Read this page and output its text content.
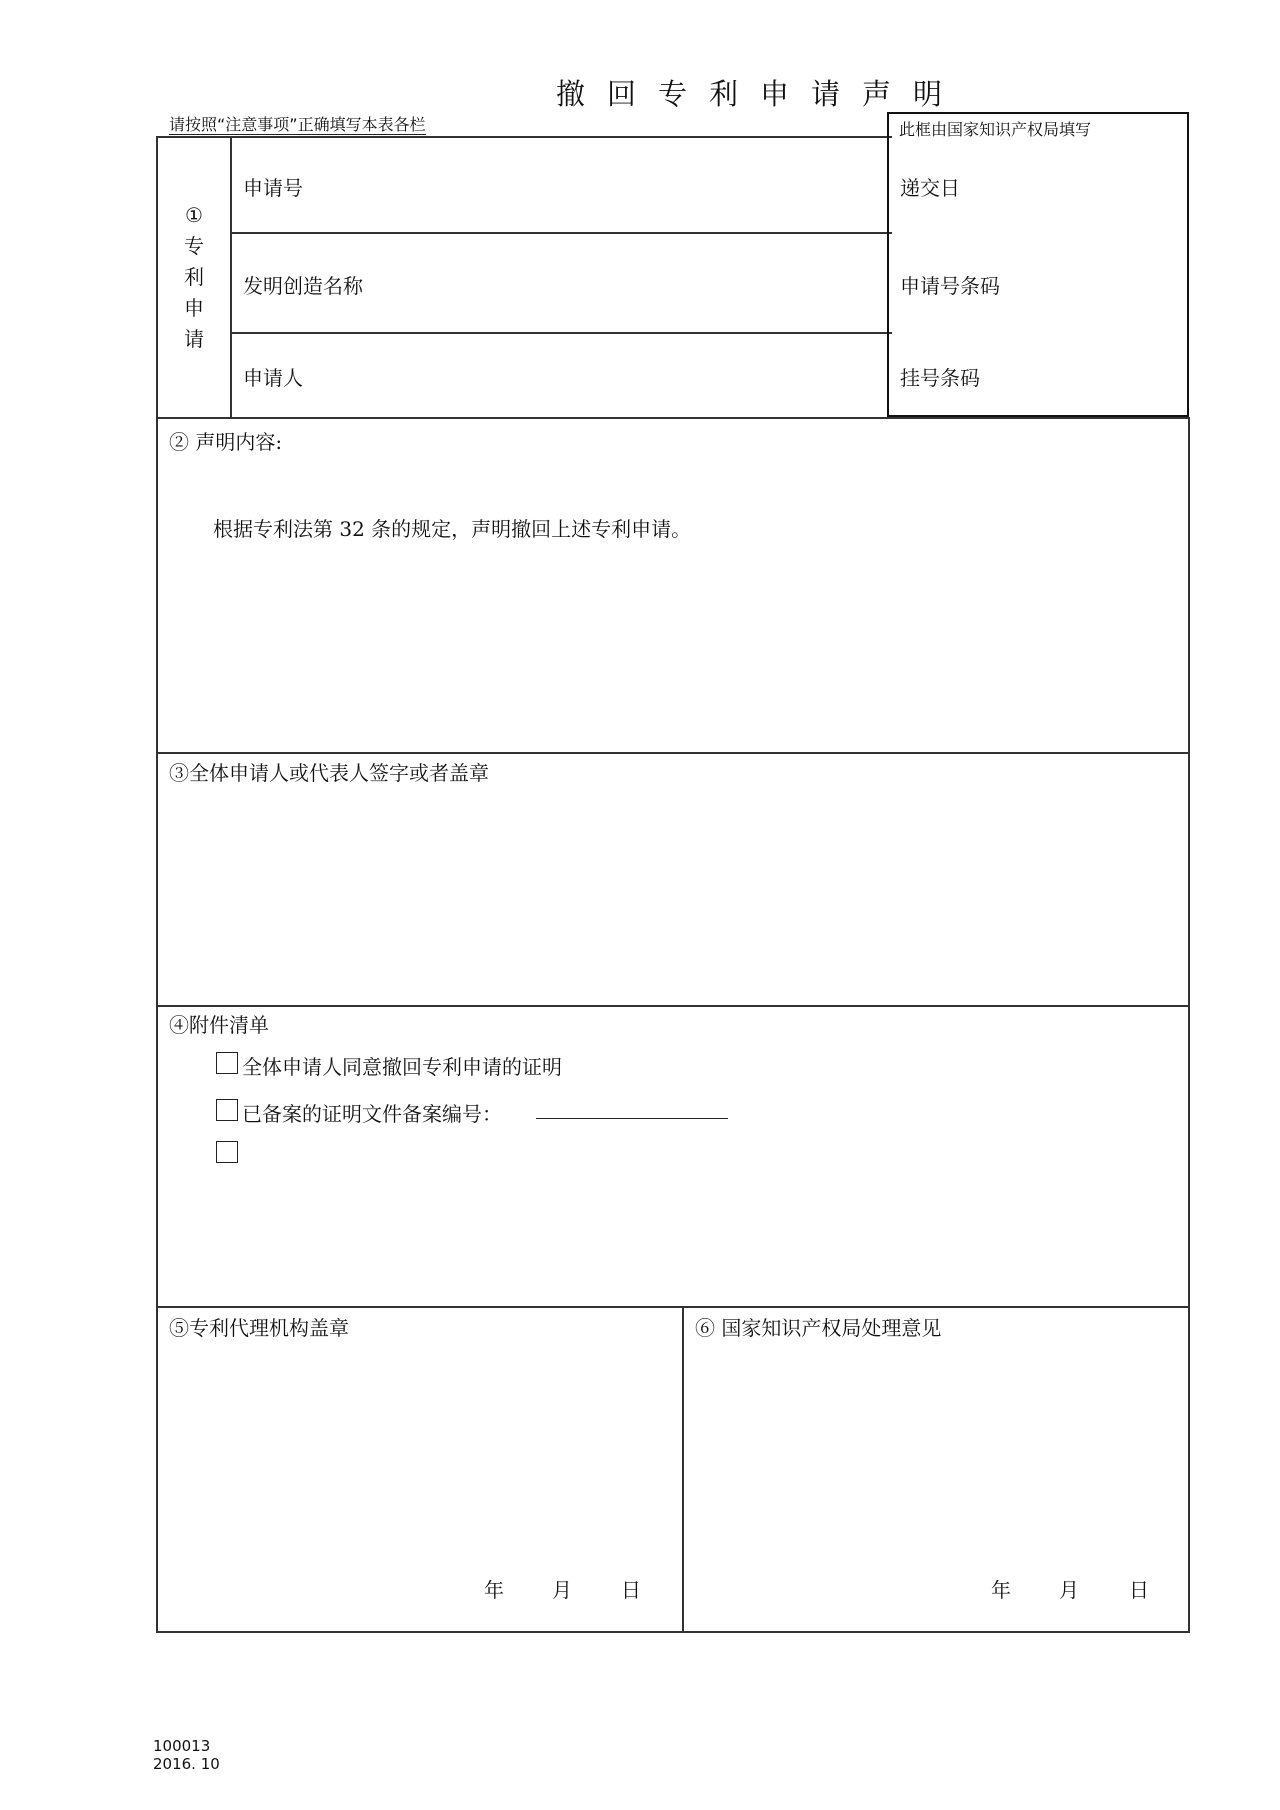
撤回专利申请声明
请按照“注意事项”正确填写本表各栏	此框由国家知识产权局填写
递交日
申请号条码
挂号条码
①
专
利
申
请
申请号
发明创造名称
申请人
② 声明内容:
根据专利法第 32 条的规定，声明撤回上述专利申请。
③全体申请人或代表人签字或者盖章
④附件清单
全体申请人同意撤回专利申请的证明
已备案的证明文件备案编号：
⑤专利代理机构盖章
年 月 日
⑥ 国家知识产权局处理意见
年 月	日
100013
2016. 10
